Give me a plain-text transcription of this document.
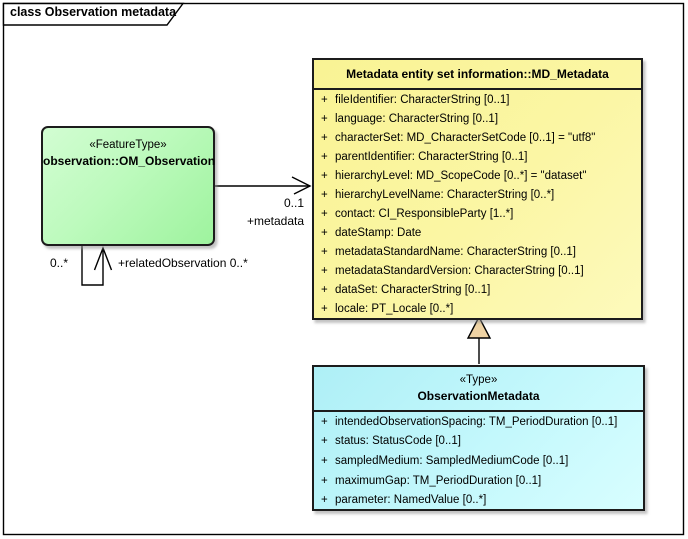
class Observation metadata
«FeatureType»
observation::OM_Observation
Metadata entity set information::MD_Metadata
+ fileIdentifier: CharacterString [0..1]
+ language: CharacterString [0..1]
+ characterSet: MD_CharacterSetCode [0..1] = "utf8"
+ parentIdentifier: CharacterString [0..1]
+ hierarchyLevel: MD_ScopeCode [0..*] = "dataset"
+ hierarchyLevelName: CharacterString [0..*]
+ contact: CI_ResponsibleParty [1..*]
+ dateStamp: Date
+ metadataStandardName: CharacterString [0..1]
+ metadataStandardVersion: CharacterString [0..1]
+ dataSet: CharacterString [0..1]
+ locale: PT_Locale [0..*]
«Type»
ObservationMetadata
+ intendedObservationSpacing: TM_PeriodDuration [0..1]
+ status: StatusCode [0..1]
+ sampledMedium: SampledMediumCode [0..1]
+ maximumGap: TM_PeriodDuration [0..1]
+ parameter: NamedValue [0..*]
0..1
+metadata
0..*	+relatedObservation 0..*
